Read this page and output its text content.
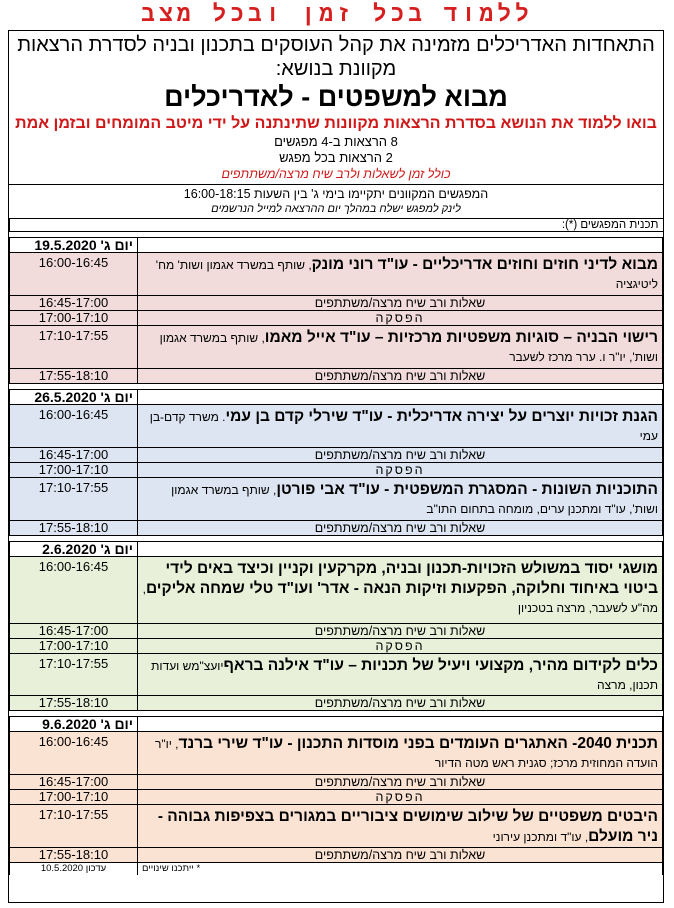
ללמוד בכל זמן ובכל מצב
התאחדות האדריכלים מזמינה את קהל העוסקים בתכנון ובניה לסדרת הרצאות מקוונת בנושא:
מבוא למשפטים - לאדריכלים
בואו ללמוד את הנושא בסדרת הרצאות מקוונות שתינתנה על ידי מיטב המומחים ובזמן אמת
8 הרצאות ב-4 מפגשים
2 הרצאות בכל מפגש
כולל זמן לשאלות ולרב שיח מרצה/משתתפים
המפגשים המקוונים יתקיימו בימי ג' בין השעות 16:00-18:15
לינק למפגש ישלח במהלך יום ההרצאה למייל הנרשמים
תכנית המפגשים (*):	

	יום ג' 19.5.2020
מבוא לדיני חוזים וחוזים אדריכליים - עו"ד רוני מונק, שותף במשרד אגמון ושות' מח' ליטיגציה	16:00-16:45
שאלות ורב שיח מרצה/משתתפים	16:45-17:00
הפסקה	17:00-17:10
רישוי הבניה – סוגיות משפטיות מרכזיות – עו"ד אייל מאמו, שותף במשרד אגמון ושות', יו"ר ו. ערר מרכז לשעבר	17:10-17:55
שאלות ורב שיח מרצה/משתתפים	17:55-18:10

	יום ג' 26.5.2020
הגנת זכויות יוצרים על יצירה אדריכלית - עו"ד שירלי קדם בן עמי. משרד קדם-בן עמי	16:00-16:45
שאלות ורב שיח מרצה/משתתפים	16:45-17:00
הפסקה	17:00-17:10
התוכניות השונות - המסגרת המשפטית - עו"ד אבי פורטן, שותף במשרד אגמון ושות', עו"ד ומתכנן ערים, מומחה בתחום התו"ב	17:10-17:55
שאלות ורב שיח מרצה/משתתפים	17:55-18:10

	יום ג' 2.6.2020
מושגי יסוד במשולש הזכויות-תכנון ובניה, מקרקעין וקניין וכיצד באים לידי ביטוי באיחוד וחלוקה, הפקעות וזיקות הנאה - אדר' ועו"ד טלי שמחה אליקים, מה"ע לשעבר, מרצה בטכניון	16:00-16:45
שאלות ורב שיח מרצה/משתתפים	16:45-17:00
הפסקה	17:00-17:10
כלים לקידום מהיר, מקצועי ויעיל של תכניות – עו"ד אילנה בראףיועצ"מש ועדות תכנון, מרצה	17:10-17:55
שאלות ורב שיח מרצה/משתתפים	17:55-18:10

	יום ג' 9.6.2020
תכנית 2040- האתגרים העומדים בפני מוסדות התכנון - עו"ד שירי ברנד, יו"ר הועדה המחוזית מרכז; סגנית ראש מטה הדיור	16:00-16:45
שאלות ורב שיח מרצה/משתתפים	16:45-17:00
הפסקה	17:00-17:10
היבטים משפטיים של שילוב שימושים ציבוריים במגורים בצפיפות גבוהה - ניר מועלם, עו"ד ומתכנן עירוני	17:10-17:55
שאלות ורב שיח מרצה/משתתפים	17:55-18:10
* ייתכנו שינויים	עדכון 10.5.2020
